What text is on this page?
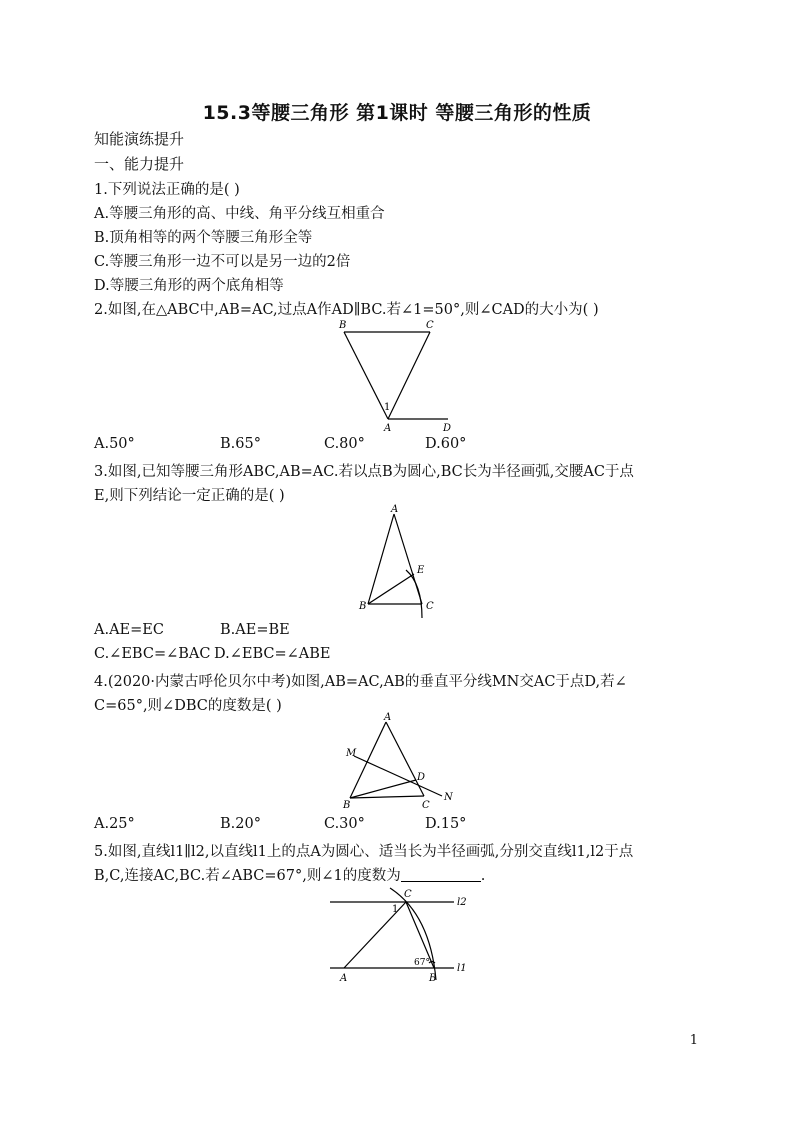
15.3等腰三角形 第1课时 等腰三角形的性质
知能演练提升
一、能力提升
1.下列说法正确的是( )
A.等腰三角形的高、中线、角平分线互相重合
B.顶角相等的两个等腰三角形全等
C.等腰三角形一边不可以是另一边的2倍
D.等腰三角形的两个底角相等
2.如图,在△ABC中,AB=AC,过点A作AD∥BC.若∠1=50°,则∠CAD的大小为( )
B	C
A	D
1
A.50°	B.65°	C.80°	D.60°
3.如图,已知等腰三角形ABC,AB=AC.若以点B为圆心,BC长为半径画弧,交腰AC于点
E,则下列结论一定正确的是( )
A
B	C
E
A.AE=EC	B.AE=BE
C.∠EBC=∠BAC D.∠EBC=∠ABE
4.(2020·内蒙古呼伦贝尔中考)如图,AB=AC,AB的垂直平分线MN交AC于点D,若∠
C=65°,则∠DBC的度数是( )
A
M
D
N
B	C
A.25°	B.20°	C.30°	D.15°
5.如图,直线l1∥l2,以直线l1上的点A为圆心、适当长为半径画弧,分别交直线l1,l2于点
B,C,连接AC,BC.若∠ABC=67°,则∠1的度数为	.
C
1
l2
A	B
l1
67°
1
